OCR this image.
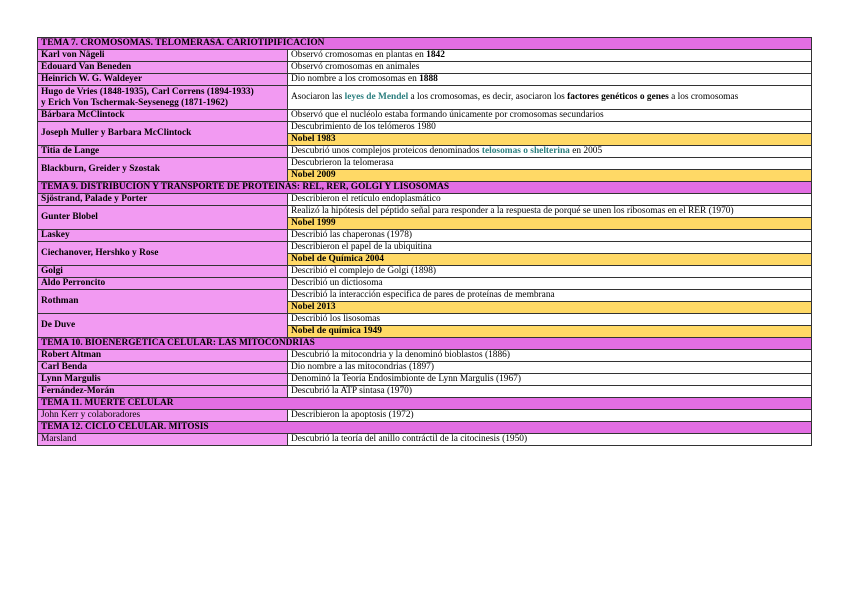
TEMA 7. CROMOSOMAS. TELOMERASA. CARIOTIPIFICACIÓN	
Karl von Nägeli	Observó cromosomas en plantas en 1842
Edouard Van Beneden	Observó cromosomas en animales
Heinrich W. G. Waldeyer	Dio nombre a los cromosomas en 1888
Hugo de Vries (1848-1935), Carl Correns (1894-1933)
y Erich Von Tschermak-Seysenegg (1871-1962)	Asociaron las leyes de Mendel a los cromosomas, es decir, asociaron los factores genéticos o genes a los cromosomas
Bárbara McClintock	Observó que el nucléolo estaba formando únicamente por cromosomas secundarios
Joseph Muller y Barbara McClintock	Descubrimiento de los telómeros 1980
	Nobel 1983
Titia de Lange	Descubrió unos complejos proteicos denominados telosomas o shelterina en 2005
Blackburn, Greider y Szostak	Descubrieron la telomerasa
	Nobel 2009
TEMA 9. DISTRIBUCIÓN Y TRANSPORTE DE PROTEÍNAS: REL, RER, GOLGI Y LISOSOMAS	
Sjöstrand, Palade y Porter	Describieron el retículo endoplasmático
Gunter Blobel	Realizó la hipótesis del péptido señal para responder a la respuesta de porqué se unen los ribosomas en el RER (1970)
	Nobel 1999
Laskey	Describió las chaperonas (1978)
Ciechanover, Hershko y Rose	Describieron el papel de la ubiquitina
	Nobel de Química 2004
Golgi	Describió el complejo de Golgi (1898)
Aldo Perroncito	Describió un dictiosoma
Rothman	Describió la interacción especifica de pares de proteínas de membrana
	Nobel 2013
De Duve	Describió los lisosomas
	Nobel de química 1949
TEMA 10. BIOENERGÉTICA CELULAR: LAS MITOCONDRIAS	
Robert Altman	Descubrió la mitocondria y la denominó bioblastos (1886)
Carl Benda	Dio nombre a las mitocondrias (1897)
Lynn Margulis	Denominó la Teoría Endosimbionte de Lynn Margulis (1967)
Fernández-Morán	Descubrió la ATP sintasa (1970)
TEMA 11. MUERTE CELULAR	
John Kerr y colaboradores	Describieron la apoptosis (1972)
TEMA 12. CICLO CELULAR. MITOSIS	
Marsland	Descubrió la teoría del anillo contráctil de la citocinesis (1950)
